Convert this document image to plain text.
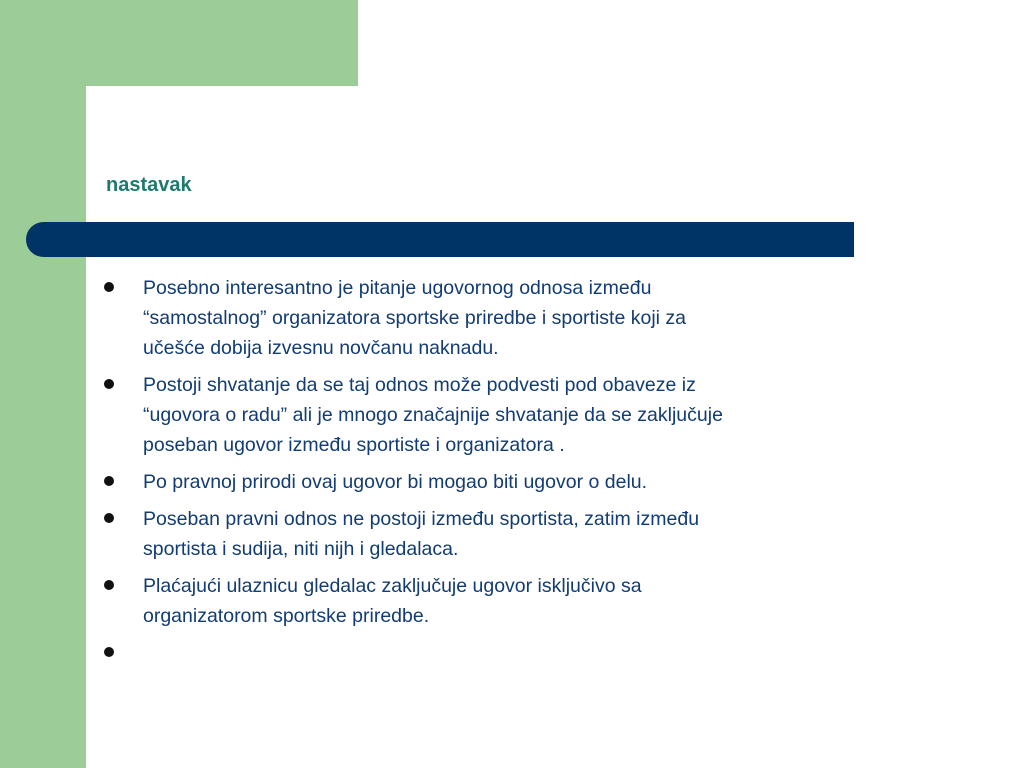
nastavak
Posebno interesantno je pitanje ugovornog odnosa između
“samostalnog” organizatora sportske priredbe i sportiste koji za
učešće dobija izvesnu novčanu naknadu.
Postoji shvatanje da se taj odnos može podvesti pod obaveze iz
“ugovora o radu” ali je mnogo značajnije shvatanje da se zaključuje
poseban ugovor između sportiste i organizatora .
Po pravnoj prirodi ovaj ugovor bi mogao biti ugovor o delu.
Poseban pravni odnos ne postoji između sportista, zatim između
sportista i sudija, niti nijh i gledalaca.
Plaćajući ulaznicu gledalac zaključuje ugovor isključivo sa
organizatorom sportske priredbe.
